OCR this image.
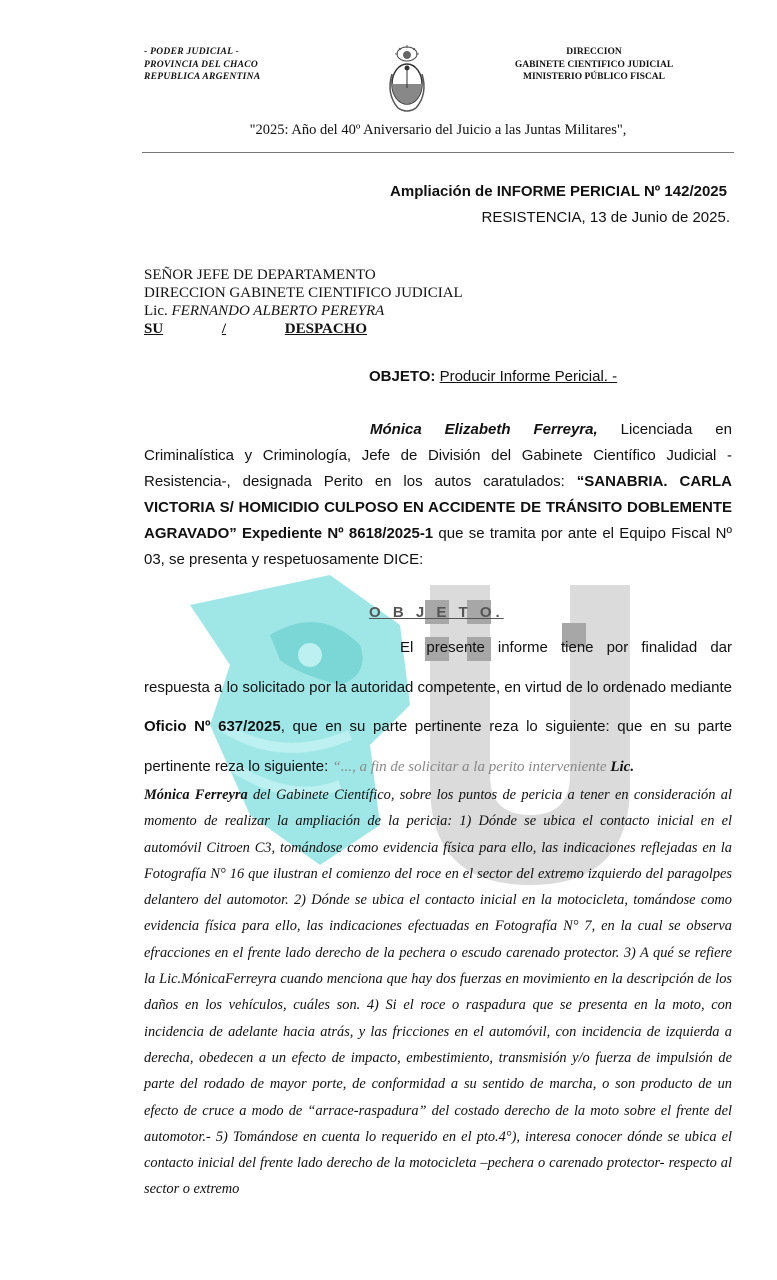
- PODER JUDICIAL -
PROVINCIA DEL CHACO
REPUBLICA ARGENTINA
DIRECCION
GABINETE CIENTIFICO JUDICIAL
MINISTERIO PÚBLICO FISCAL
"2025: Año del 40º Aniversario del Juicio a las Juntas Militares",
Ampliación de INFORME PERICIAL Nº 142/2025
RESISTENCIA, 13 de Junio de 2025.
SEÑOR JEFE DE DEPARTAMENTO
DIRECCION GABINETE CIENTIFICO JUDICIAL
Lic. FERNANDO ALBERTO PEREYRA
SU	/	DESPACHO
OBJETO: Producir Informe Pericial. -
Mónica Elizabeth Ferreyra, Licenciada en Criminalística y Criminología, Jefe de División del Gabinete Científico Judicial -Resistencia-, designada Perito en los autos caratulados: “SANABRIA. CARLA VICTORIA S/ HOMICIDIO CULPOSO EN ACCIDENTE DE TRÁNSITO DOBLEMENTE AGRAVADO” Expediente Nº 8618/2025-1 que se tramita por ante el Equipo Fiscal Nº 03, se presenta y respetuosamente DICE:
O B J E T O.
El presente informe tiene por finalidad dar respuesta a lo solicitado por la autoridad competente, en virtud de lo ordenado mediante Oficio Nº 637/2025, que en su parte pertinente reza lo siguiente: que en su parte pertinente reza lo siguiente: “..., a fin de solicitar a la perito interveniente Lic.
Mónica Ferreyra del Gabinete Científico, sobre los puntos de pericia a tener en consideración al momento de realizar la ampliación de la pericia: 1) Dónde se ubica el contacto inicial en el automóvil Citroen C3, tomándose como evidencia física para ello, las indicaciones reflejadas en la Fotografía N° 16 que ilustran el comienzo del roce en el sector del extremo izquierdo del paragolpes delantero del automotor. 2) Dónde se ubica el contacto inicial en la motocicleta, tomándose como evidencia física para ello, las indicaciones efectuadas en Fotografía N° 7, en la cual se observa efracciones en el frente lado derecho de la pechera o escudo carenado protector. 3) A qué se refiere la Lic.MónicaFerreyra cuando menciona que hay dos fuerzas en movimiento en la descripción de los daños en los vehículos, cuáles son. 4) Si el roce o raspadura que se presenta en la moto, con incidencia de adelante hacia atrás, y las fricciones en el automóvil, con incidencia de izquierda a derecha, obedecen a un efecto de impacto, embestimiento, transmisión y/o fuerza de impulsión de parte del rodado de mayor porte, de conformidad a su sentido de marcha, o son producto de un efecto de cruce a modo de “arrace-raspadura” del costado derecho de la moto sobre el frente del automotor.- 5) Tomándose en cuenta lo requerido en el pto.4°), interesa conocer dónde se ubica el contacto inicial del frente lado derecho de la motocicleta –pechera o carenado protector- respecto al sector o extremo
